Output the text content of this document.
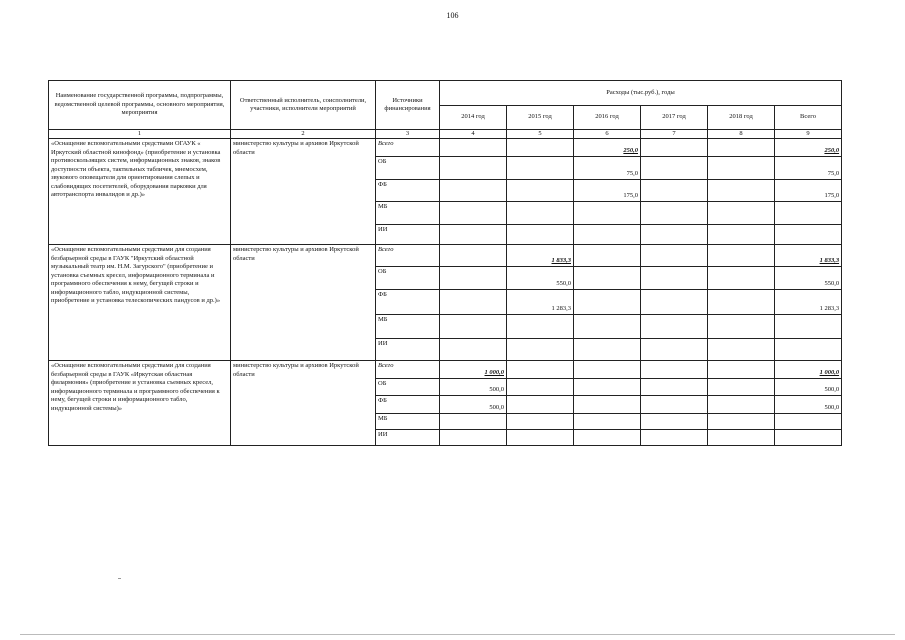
106
Наименование государственной программы, подпрограммы, ведомственной целевой программы, основного мероприятия, мероприятия	Ответственный исполнитель, соисполнители, участники, исполнители мероприятий	Источники финансирования	Расходы (тыс.руб.), годы					
			2014 год	2015 год	2016 год	2017 год	2018 год	Всего
1	2	3	4	5	6	7	8	9
«Оснащение вспомогательными средствами ОГАУК « Иркутский областной кинофонд» (приобретение и установка противоскользящих систем, информационных знаков, знаков доступности объекта, тактильных табличек, мнемосхем, звукового оповещателя для ориентирования слепых и слабовидящих посетителей, оборудования парковки для автотранспорта инвалидов и др.)»	министерство культуры и архивов Иркутской области	Всего			250,0			250,0
		ОБ			75,0			75,0
		ФБ			175,0			175,0
		МБ						
		ИИ						
«Оснащение вспомогательными средствами для создания безбарьерной среды в ГАУК "Иркутский областной музыкальный театр им. Н.М. Загурского" (приобретение и установка съемных кресел, информационного терминала и программного обеспечения к нему, бегущей строки и информационного табло, индукционной системы, приобретение и установка телескопических пандусов и др.)»	министерство культуры и архивов Иркутской области	Всего		1 833,3				1 833,3
		ОБ		550,0				550,0
		ФБ		1 283,3				1 283,3
		МБ						
		ИИ						
«Оснащение вспомогательными средствами для создания безбарьерной среды в ГАУК «Иркутская областная филармония» (приобретение и установка съемных кресел, информационного терминала и программного обеспечения к нему, бегущей строки и информационного табло, индукционной системы)»	министерство культуры и архивов Иркутской области	Всего	1 000,0					1 000,0
		ОБ	500,0					500,0
		ФБ	500,0					500,0
		МБ						
		ИИ						
